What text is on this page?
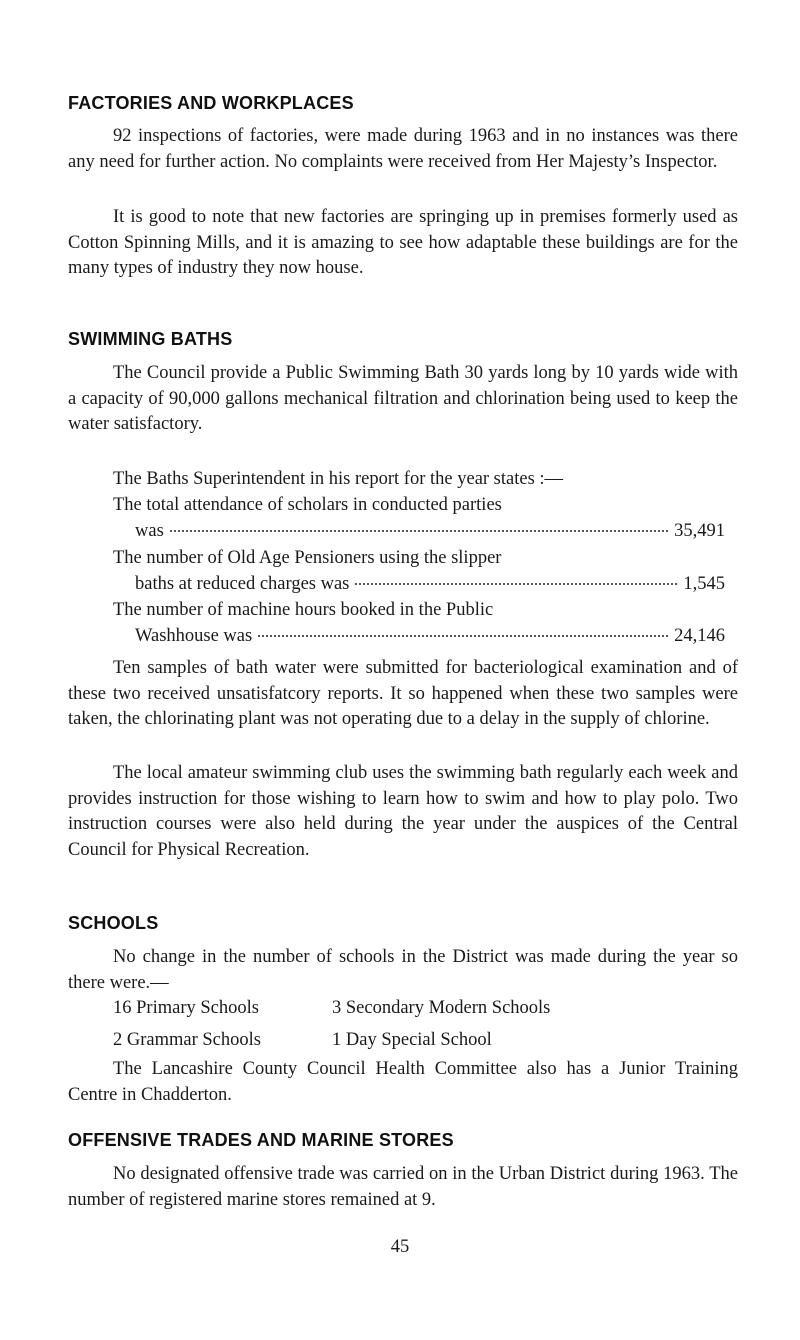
FACTORIES AND WORKPLACES

92 inspections of factories, were made during 1963 and in no instances was there any need for further action. No complaints were received from Her Majesty’s Inspector.

It is good to note that new factories are springing up in premises formerly used as Cotton Spinning Mills, and it is amazing to see how adaptable these buildings are for the many types of industry they now house.

SWIMMING BATHS

The Council provide a Public Swimming Bath 30 yards long by 10 yards wide with a capacity of 90,000 gallons mechanical filtration and chlorination being used to keep the water satisfactory.

The Baths Superintendent in his report for the year states :—

The total attendance of scholars in conducted parties
was	35,491
The number of Old Age Pensioners using the slipper
baths at reduced charges was	1,545
The number of machine hours booked in the Public
Washhouse was	24,146

Ten samples of bath water were submitted for bacteriological examination and of these two received unsatisfatcory reports. It so happened when these two samples were taken, the chlorinating plant was not operating due to a delay in the supply of chlorine.

The local amateur swimming club uses the swimming bath regularly each week and provides instruction for those wishing to learn how to swim and how to play polo. Two instruction courses were also held during the year under the auspices of the Central Council for Physical Recreation.

SCHOOLS

No change in the number of schools in the District was made during the year so there were.—

16 Primary Schools	3 Secondary Modern Schools
2 Grammar Schools	1 Day Special School

The Lancashire County Council Health Committee also has a Junior Training Centre in Chadderton.

OFFENSIVE TRADES AND MARINE STORES

No designated offensive trade was carried on in the Urban District during 1963. The number of registered marine stores remained at 9.

45
